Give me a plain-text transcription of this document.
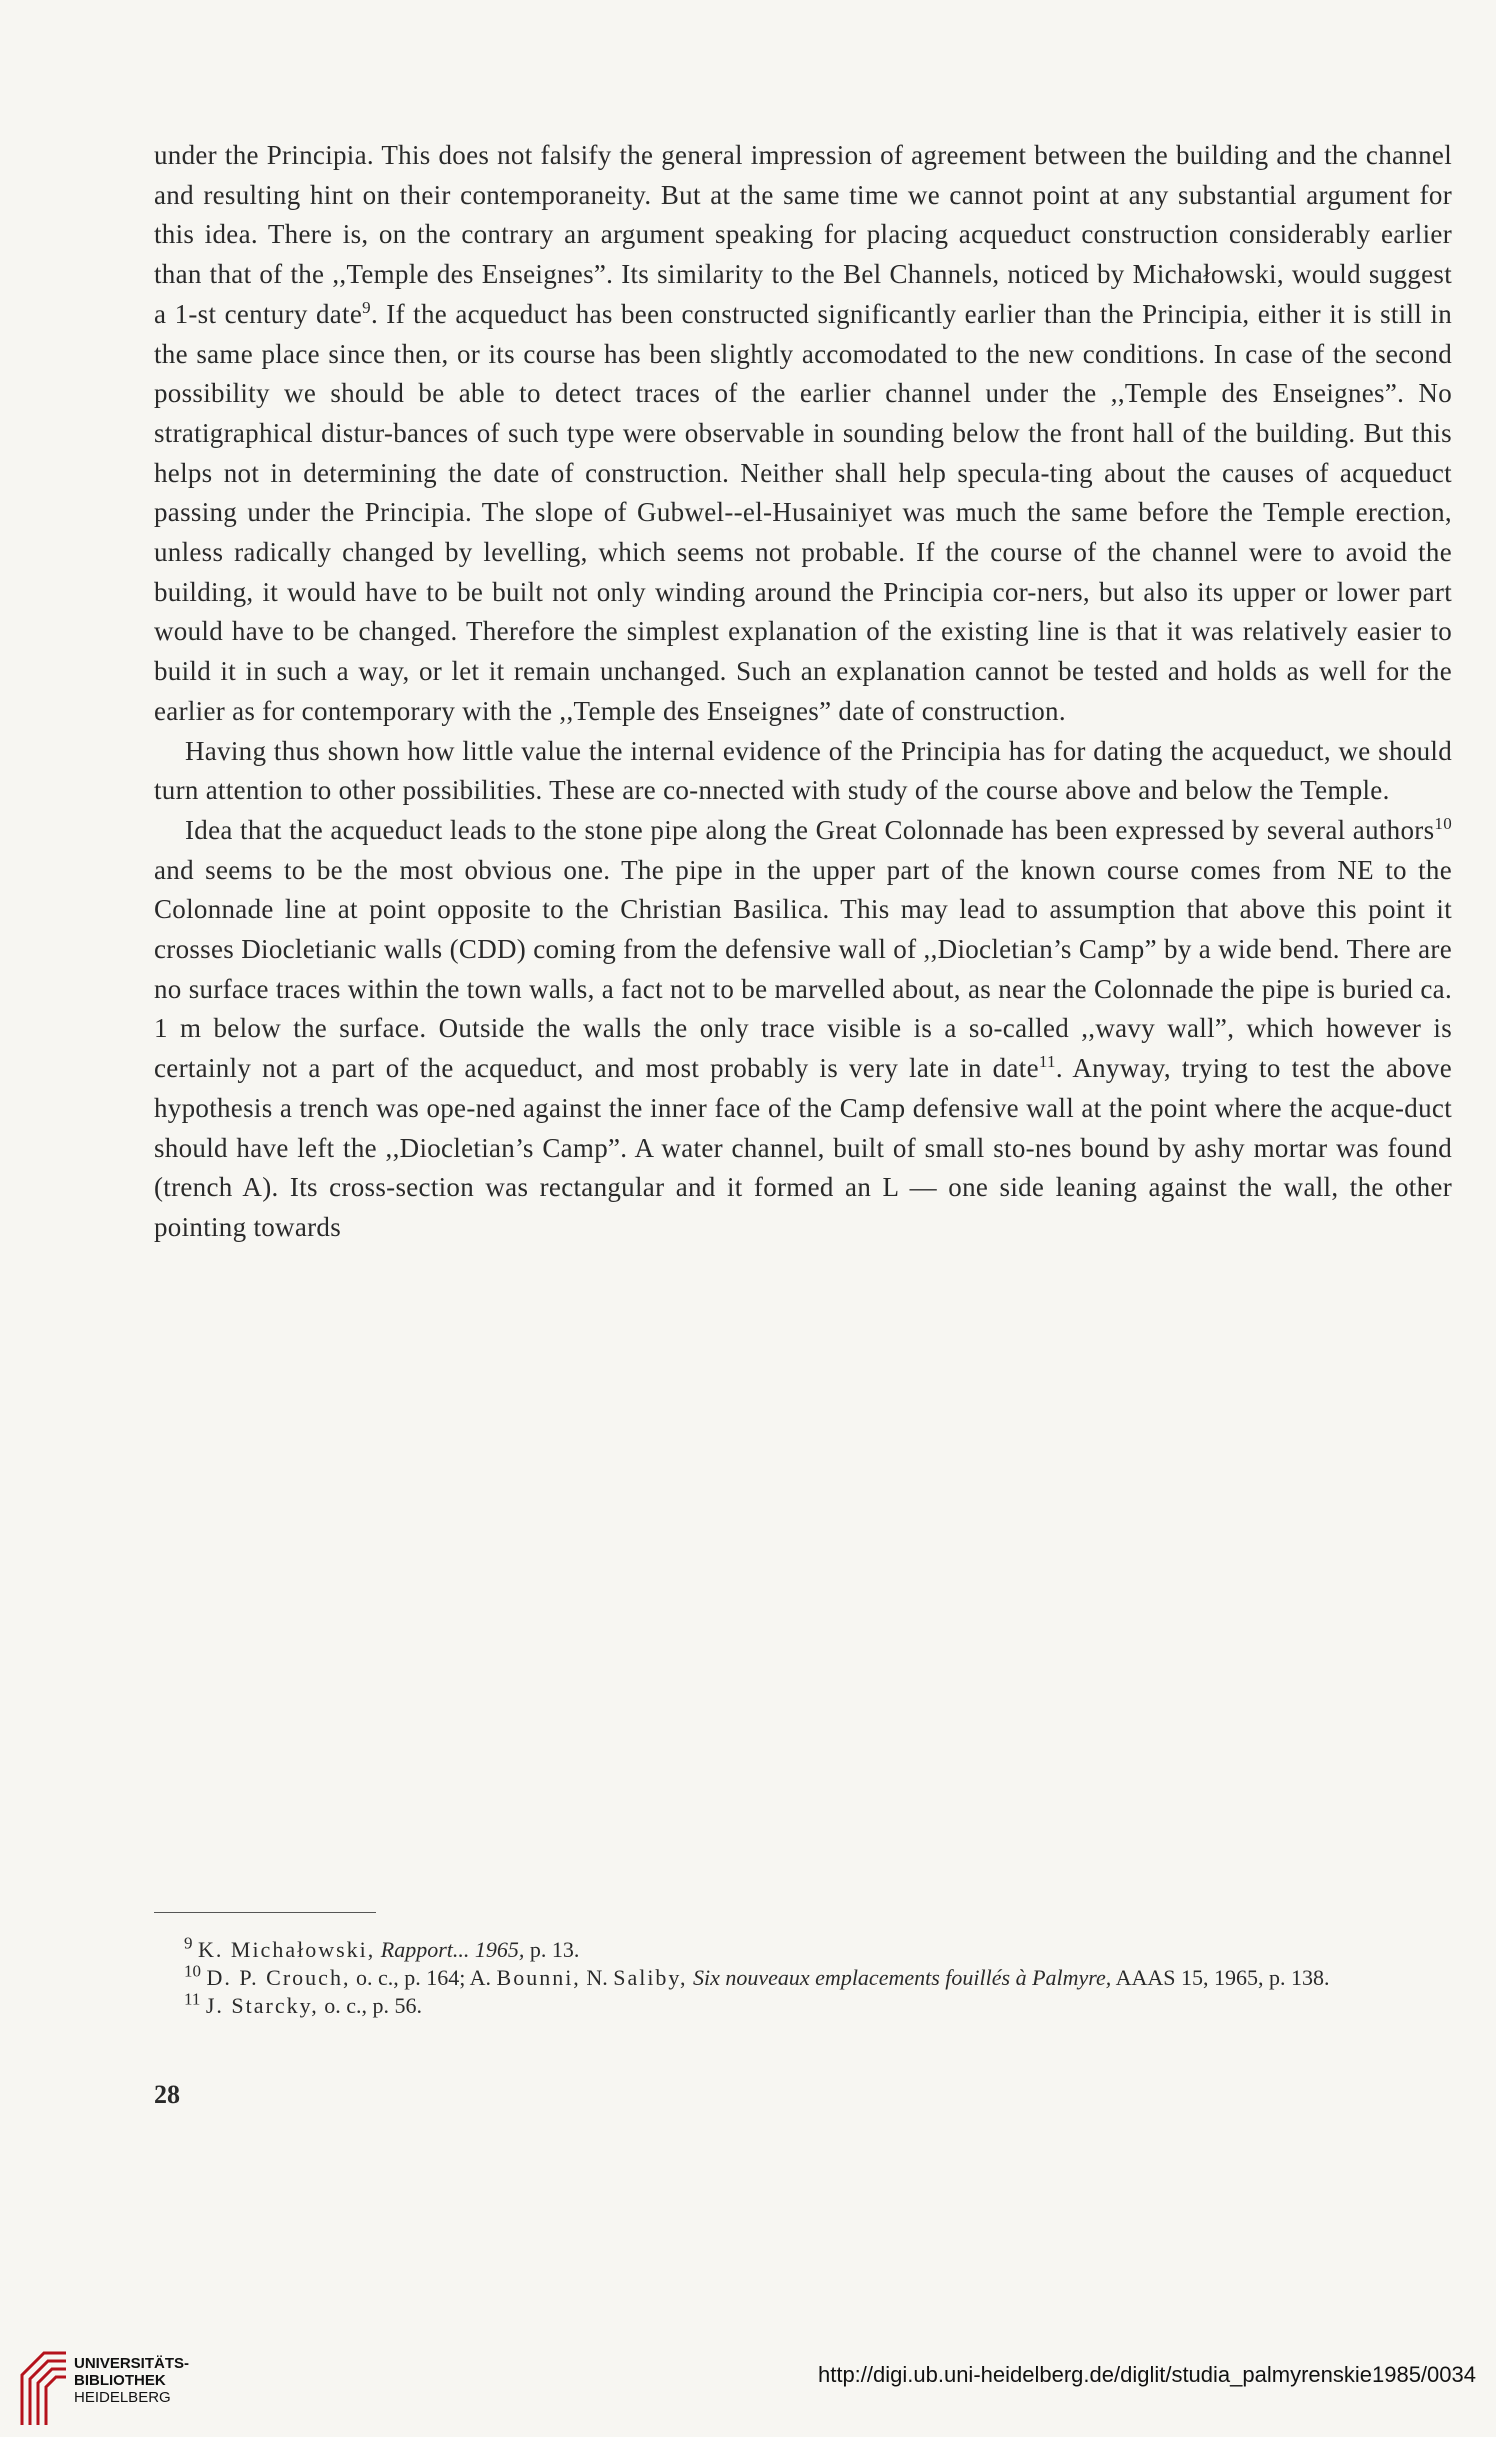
under the Principia. This does not falsify the general impression of agreement between the building and the channel and resulting hint on their contemporaneity. But at the same time we cannot point at any substantial argument for this idea. There is, on the contrary an argument speaking for placing acqueduct construction considerably earlier than that of the ,,Temple des Enseignes”. Its similarity to the Bel Channels, noticed by Michałowski, would suggest a 1-st century date$^9$. If the acqueduct has been constructed significantly earlier than the Principia, either it is still in the same place since then, or its course has been slightly accomodated to the new conditions. In case of the second possibility we should be able to detect traces of the earlier channel under the ,,Temple des Enseignes”. No stratigraphical distur-bances of such type were observable in sounding below the front hall of the building. But this helps not in determining the date of construction. Neither shall help specula-ting about the causes of acqueduct passing under the Principia. The slope of Gubwel--el-Husainiyet was much the same before the Temple erection, unless radically changed by levelling, which seems not probable. If the course of the channel were to avoid the building, it would have to be built not only winding around the Principia cor-ners, but also its upper or lower part would have to be changed. Therefore the simplest explanation of the existing line is that it was relatively easier to build it in such a way, or let it remain unchanged. Such an explanation cannot be tested and holds as well for the earlier as for contemporary with the ,,Temple des Enseignes” date of construction.

Having thus shown how little value the internal evidence of the Principia has for dating the acqueduct, we should turn attention to other possibilities. These are co-nnected with study of the course above and below the Temple.

Idea that the acqueduct leads to the stone pipe along the Great Colonnade has been expressed by several authors$^{10}$ and seems to be the most obvious one. The pipe in the upper part of the known course comes from NE to the Colonnade line at point opposite to the Christian Basilica. This may lead to assumption that above this point it crosses Diocletianic walls (CDD) coming from the defensive wall of ,,Diocletian’s Camp” by a wide bend. There are no surface traces within the town walls, a fact not to be marvelled about, as near the Colonnade the pipe is buried ca. 1 m below the surface. Outside the walls the only trace visible is a so-called ,,wavy wall”, which however is certainly not a part of the acqueduct, and most probably is very late in date$^{11}$. Anyway, trying to test the above hypothesis a trench was ope-ned against the inner face of the Camp defensive wall at the point where the acque-duct should have left the ,,Diocletian’s Camp”. A water channel, built of small sto-nes bound by ashy mortar was found (trench A). Its cross-section was rectangular and it formed an L — one side leaning against the wall, the other pointing towards

$^9$ K. Michałowski, Rapport... 1965, p. 13.

$^{10}$ D. P. Crouch, o. c., p. 164; A. Bounni, N. Saliby, Six nouveaux emplacements fouillés à Palmyre, AAAS 15, 1965, p. 138.

$^{11}$ J. Starcky, o. c., p. 56.

28
UNIVERSITÄTS-
BIBLIOTHEK
HEIDELBERG
http://digi.ub.uni-heidelberg.de/diglit/studia_palmyrenskie1985/0034
